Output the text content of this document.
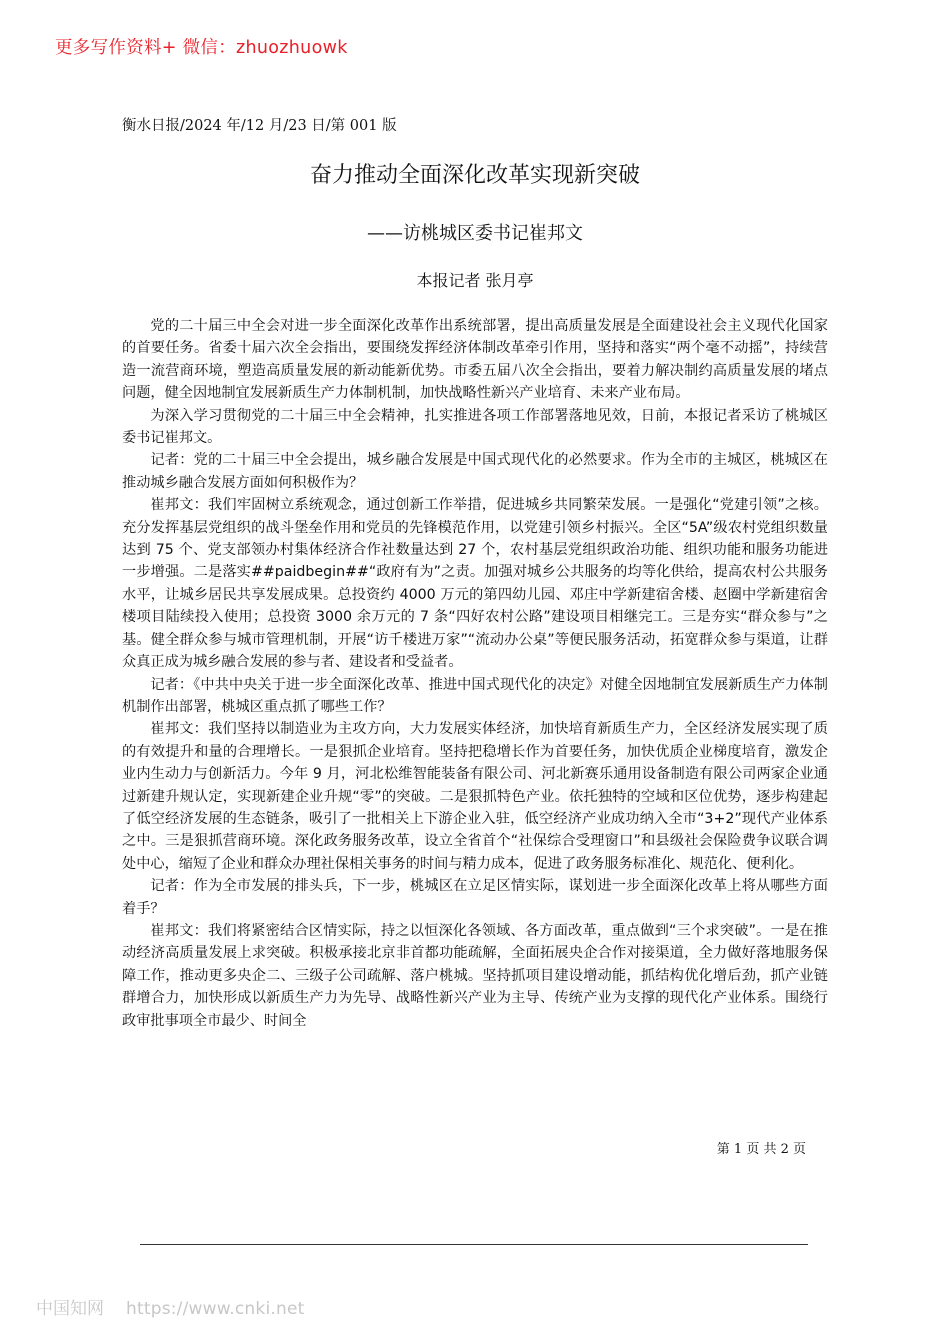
更多写作资料+ 微信：zhuozhuowk
衡水日报/2024 年/12 月/23 日/第 001 版
奋力推动全面深化改革实现新突破
——访桃城区委书记崔邦文
本报记者 张月亭

党的二十届三中全会对进一步全面深化改革作出系统部署，提出高质量发展是全面建设社会主义现代化国家的首要任务。省委十届六次全会指出，要围绕发挥经济体制改革牵引作用，坚持和落实“两个毫不动摇”，持续营造一流营商环境，塑造高质量发展的新动能新优势。市委五届八次全会指出，要着力解决制约高质量发展的堵点问题，健全因地制宜发展新质生产力体制机制，加快战略性新兴产业培育、未来产业布局。

为深入学习贯彻党的二十届三中全会精神，扎实推进各项工作部署落地见效，日前，本报记者采访了桃城区委书记崔邦文。

记者：党的二十届三中全会提出，城乡融合发展是中国式现代化的必然要求。作为全市的主城区，桃城区在推动城乡融合发展方面如何积极作为？

崔邦文：我们牢固树立系统观念，通过创新工作举措，促进城乡共同繁荣发展。一是强化“党建引领”之核。充分发挥基层党组织的战斗堡垒作用和党员的先锋模范作用，以党建引领乡村振兴。全区“5A”级农村党组织数量达到 75 个、党支部领办村集体经济合作社数量达到 27 个，农村基层党组织政治功能、组织功能和服务功能进一步增强。二是落实##paidbegin##“政府有为”之责。加强对城乡公共服务的均等化供给，提高农村公共服务水平，让城乡居民共享发展成果。总投资约 4000 万元的第四幼儿园、邓庄中学新建宿舍楼、赵圈中学新建宿舍楼项目陆续投入使用；总投资 3000 余万元的 7 条“四好农村公路”建设项目相继完工。三是夯实“群众参与”之基。健全群众参与城市管理机制，开展“访千楼进万家”“流动办公桌”等便民服务活动，拓宽群众参与渠道，让群众真正成为城乡融合发展的参与者、建设者和受益者。

记者：《中共中央关于进一步全面深化改革、推进中国式现代化的决定》对健全因地制宜发展新质生产力体制机制作出部署，桃城区重点抓了哪些工作？

崔邦文：我们坚持以制造业为主攻方向，大力发展实体经济，加快培育新质生产力，全区经济发展实现了质的有效提升和量的合理增长。一是狠抓企业培育。坚持把稳增长作为首要任务，加快优质企业梯度培育，激发企业内生动力与创新活力。今年 9 月，河北松维智能装备有限公司、河北新赛乐通用设备制造有限公司两家企业通过新建升规认定，实现新建企业升规“零”的突破。二是狠抓特色产业。依托独特的空域和区位优势，逐步构建起了低空经济发展的生态链条，吸引了一批相关上下游企业入驻，低空经济产业成功纳入全市“3+2”现代产业体系之中。三是狠抓营商环境。深化政务服务改革，设立全省首个“社保综合受理窗口”和县级社会保险费争议联合调处中心，缩短了企业和群众办理社保相关事务的时间与精力成本，促进了政务服务标准化、规范化、便利化。

记者：作为全市发展的排头兵，下一步，桃城区在立足区情实际，谋划进一步全面深化改革上将从哪些方面着手？

崔邦文：我们将紧密结合区情实际，持之以恒深化各领域、各方面改革，重点做到“三个求突破”。一是在推动经济高质量发展上求突破。积极承接北京非首都功能疏解，全面拓展央企合作对接渠道，全力做好落地服务保障工作，推动更多央企二、三级子公司疏解、落户桃城。坚持抓项目建设增动能，抓结构优化增后劲，抓产业链群增合力，加快形成以新质生产力为先导、战略性新兴产业为主导、传统产业为支撑的现代化产业体系。围绕行政审批事项全市最少、时间全

第 1 页 共 2 页
中国知网 https://www.cnki.net
